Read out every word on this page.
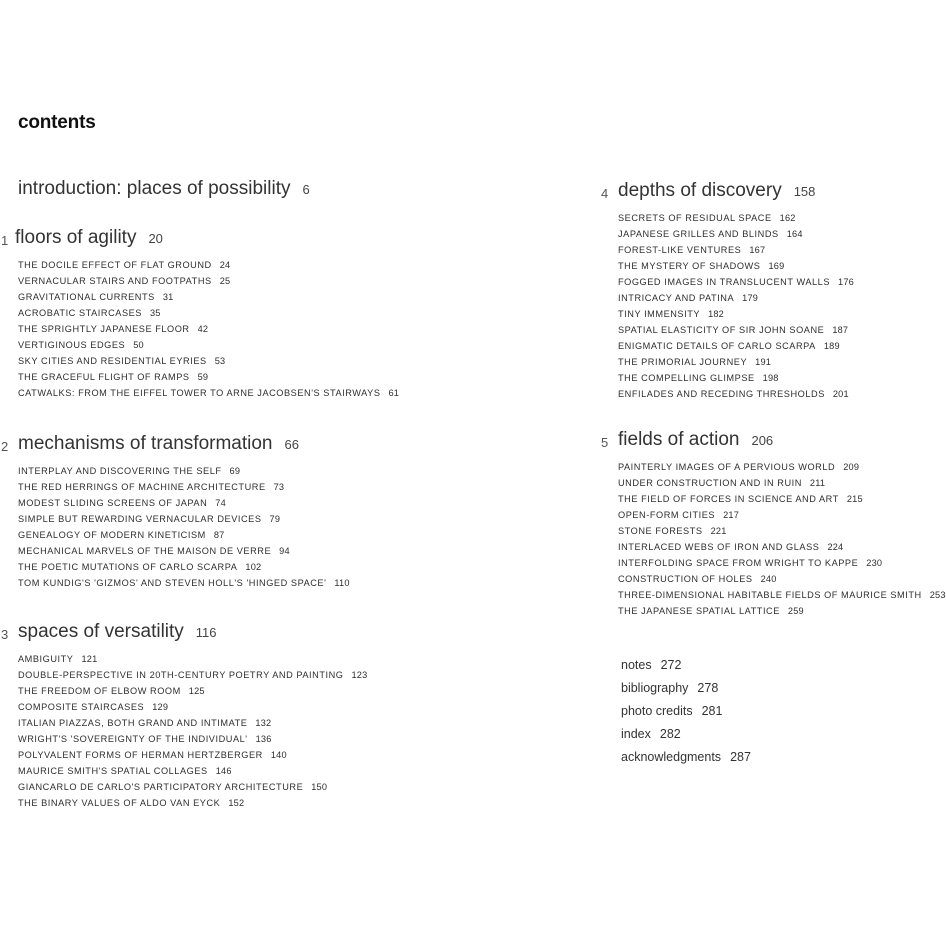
contents
introduction: places of possibility 6
1 floors of agility 20
THE DOCILE EFFECT OF FLAT GROUND 24
VERNACULAR STAIRS AND FOOTPATHS 25
GRAVITATIONAL CURRENTS 31
ACROBATIC STAIRCASES 35
THE SPRIGHTLY JAPANESE FLOOR 42
VERTIGINOUS EDGES 50
SKY CITIES AND RESIDENTIAL EYRIES 53
THE GRACEFUL FLIGHT OF RAMPS 59
CATWALKS: FROM THE EIFFEL TOWER TO ARNE JACOBSEN'S STAIRWAYS 61
2 mechanisms of transformation 66
INTERPLAY AND DISCOVERING THE SELF 69
THE RED HERRINGS OF MACHINE ARCHITECTURE 73
MODEST SLIDING SCREENS OF JAPAN 74
SIMPLE BUT REWARDING VERNACULAR DEVICES 79
GENEALOGY OF MODERN KINETICISM 87
MECHANICAL MARVELS OF THE MAISON DE VERRE 94
THE POETIC MUTATIONS OF CARLO SCARPA 102
TOM KUNDIG'S 'GIZMOS' AND STEVEN HOLL'S 'HINGED SPACE' 110
3 spaces of versatility 116
AMBIGUITY 121
DOUBLE-PERSPECTIVE IN 20TH-CENTURY POETRY AND PAINTING 123
THE FREEDOM OF ELBOW ROOM 125
COMPOSITE STAIRCASES 129
ITALIAN PIAZZAS, BOTH GRAND AND INTIMATE 132
WRIGHT'S 'SOVEREIGNTY OF THE INDIVIDUAL' 136
POLYVALENT FORMS OF HERMAN HERTZBERGER 140
MAURICE SMITH'S SPATIAL COLLAGES 146
GIANCARLO DE CARLO'S PARTICIPATORY ARCHITECTURE 150
THE BINARY VALUES OF ALDO VAN EYCK 152
4 depths of discovery 158
SECRETS OF RESIDUAL SPACE 162
JAPANESE GRILLES AND BLINDS 164
FOREST-LIKE VENTURES 167
THE MYSTERY OF SHADOWS 169
FOGGED IMAGES IN TRANSLUCENT WALLS 176
INTRICACY AND PATINA 179
TINY IMMENSITY 182
SPATIAL ELASTICITY OF SIR JOHN SOANE 187
ENIGMATIC DETAILS OF CARLO SCARPA 189
THE PRIMORIAL JOURNEY 191
THE COMPELLING GLIMPSE 198
ENFILADES AND RECEDING THRESHOLDS 201
5 fields of action 206
PAINTERLY IMAGES OF A PERVIOUS WORLD 209
UNDER CONSTRUCTION AND IN RUIN 211
THE FIELD OF FORCES IN SCIENCE AND ART 215
OPEN-FORM CITIES 217
STONE FORESTS 221
INTERLACED WEBS OF IRON AND GLASS 224
INTERFOLDING SPACE FROM WRIGHT TO KAPPE 230
CONSTRUCTION OF HOLES 240
THREE-DIMENSIONAL HABITABLE FIELDS OF MAURICE SMITH 253
THE JAPANESE SPATIAL LATTICE 259
notes 272
bibliography 278
photo credits 281
index 282
acknowledgments 287
